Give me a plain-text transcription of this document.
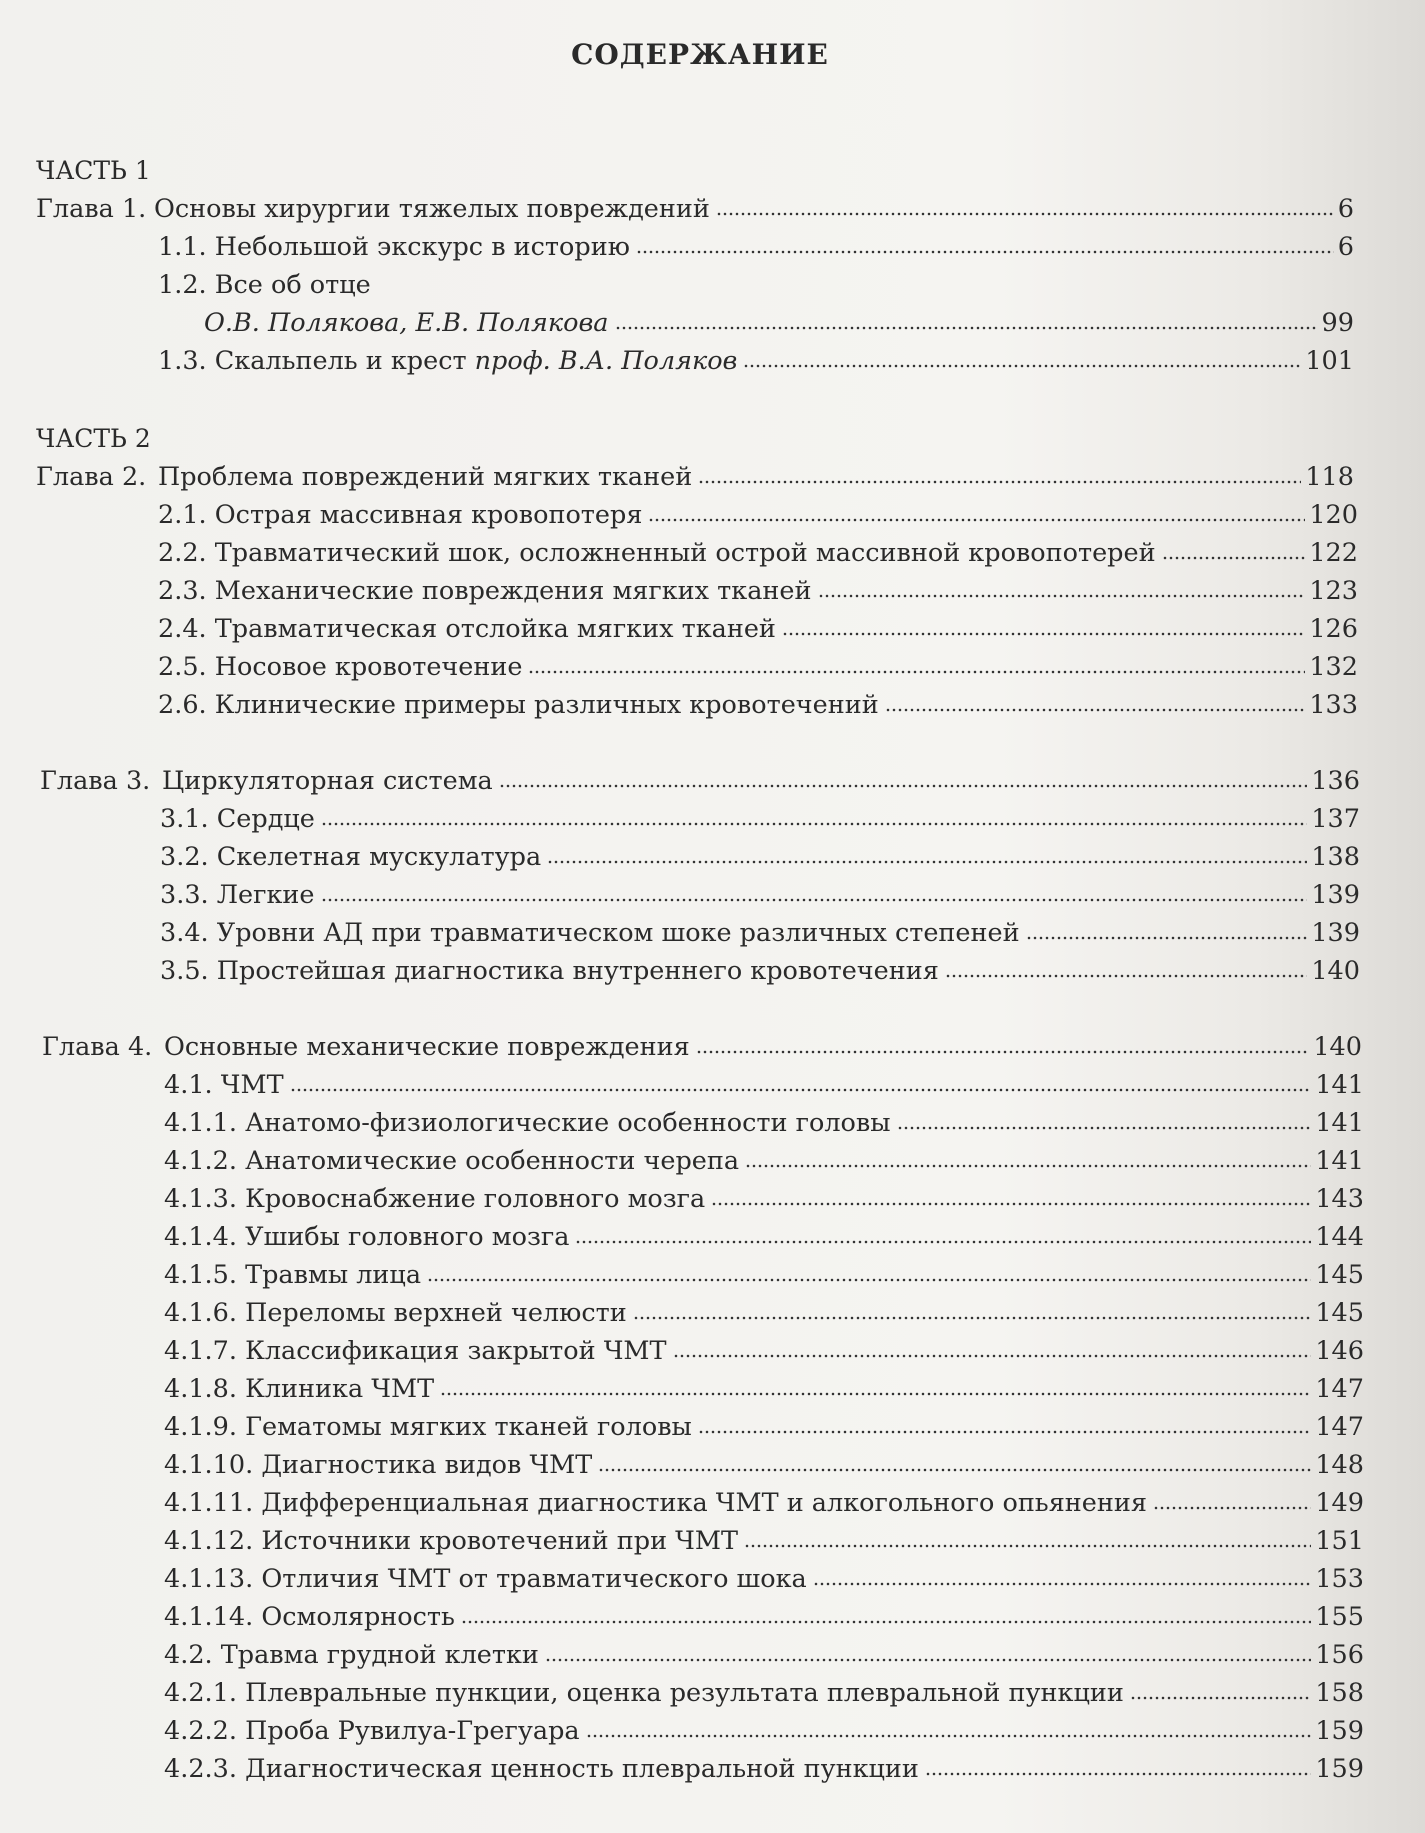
СОДЕРЖАНИЕ
ЧАСТЬ 1
Глава 1. Основы хирургии тяжелых повреждений	6
1.1. Небольшой экскурс в историю	6
1.2. Все об отце
О.В. Полякова, Е.В. Полякова	99
1.3. Скальпель и крест проф. В.А. Поляков	101
ЧАСТЬ 2
Глава 2. Проблема повреждений мягких тканей	118
2.1. Острая массивная кровопотеря	120
2.2. Травматический шок, осложненный острой массивной кровопотерей	122
2.3. Механические повреждения мягких тканей	123
2.4. Травматическая отслойка мягких тканей	126
2.5. Носовое кровотечение	132
2.6. Клинические примеры различных кровотечений	133
Глава 3. Циркуляторная система	136
3.1. Сердце	137
3.2. Скелетная мускулатура	138
3.3. Легкие	139
3.4. Уровни АД при травматическом шоке различных степеней	139
3.5. Простейшая диагностика внутреннего кровотечения	140
Глава 4. Основные механические повреждения	140
4.1. ЧМТ	141
4.1.1. Анатомо-физиологические особенности головы	141
4.1.2. Анатомические особенности черепа	141
4.1.3. Кровоснабжение головного мозга	143
4.1.4. Ушибы головного мозга	144
4.1.5. Травмы лица	145
4.1.6. Переломы верхней челюсти	145
4.1.7. Классификация закрытой ЧМТ	146
4.1.8. Клиника ЧМТ	147
4.1.9. Гематомы мягких тканей головы	147
4.1.10. Диагностика видов ЧМТ	148
4.1.11. Дифференциальная диагностика ЧМТ и алкогольного опьянения	149
4.1.12. Источники кровотечений при ЧМТ	151
4.1.13. Отличия ЧМТ от травматического шока	153
4.1.14. Осмолярность	155
4.2. Травма грудной клетки	156
4.2.1. Плевральные пункции, оценка результата плевральной пункции	158
4.2.2. Проба Рувилуа-Грегуара	159
4.2.3. Диагностическая ценность плевральной пункции	159
